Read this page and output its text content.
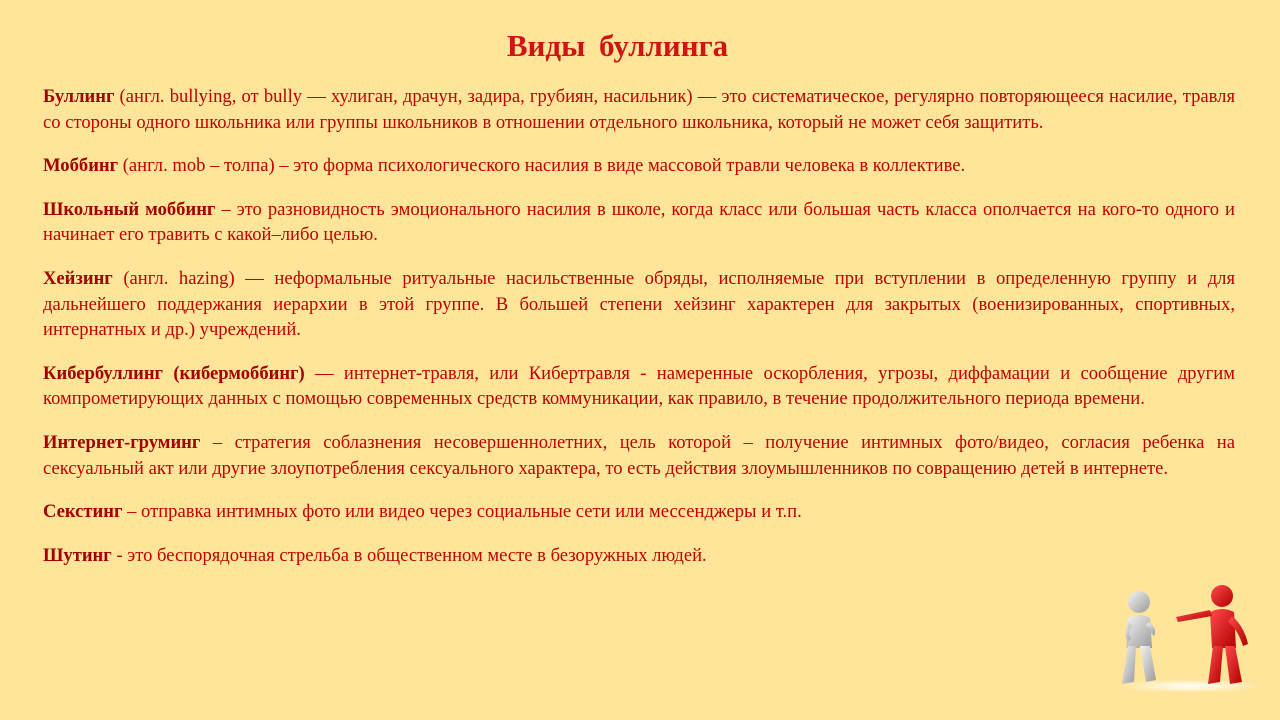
Виды буллинга

Буллинг (англ. bullying, от bully — хулиган, драчун, задира, грубиян, насильник) — это систематическое, регулярно повторяющееся насилие, травля со стороны одного школьника или группы школьников в отношении отдельного школьника, который не может себя защитить.

Моббинг (англ. mob – толпа) – это форма психологического насилия в виде массовой травли человека в коллективе.

Школьный моббинг – это разновидность эмоционального насилия в школе, когда класс или большая часть класса ополчается на кого-то одного и начинает его травить с какой–либо целью.

Хейзинг (англ. hazing) — неформальные ритуальные насильственные обряды, исполняемые при вступлении в определенную группу и для дальнейшего поддержания иерархии в этой группе. В большей степени хейзинг характерен для закрытых (военизированных, спортивных, интернатных и др.) учреждений.

Кибербуллинг (кибермоббинг) — интернет-травля, или Кибертравля - намеренные оскорбления, угрозы, диффамации и сообщение другим компрометирующих данных с помощью современных средств коммуникации, как правило, в течение продолжительного периода времени.

Интернет-груминг – стратегия соблазнения несовершеннолетних, цель которой – получение интимных фото/видео, согласия ребенка на сексуальный акт или другие злоупотребления сексуального характера, то есть действия злоумышленников по совращению детей в интернете.

Секстинг – отправка интимных фото или видео через социальные сети или мессенджеры и т.п.

Шутинг - это беспорядочная стрельба в общественном месте в безоружных людей.
